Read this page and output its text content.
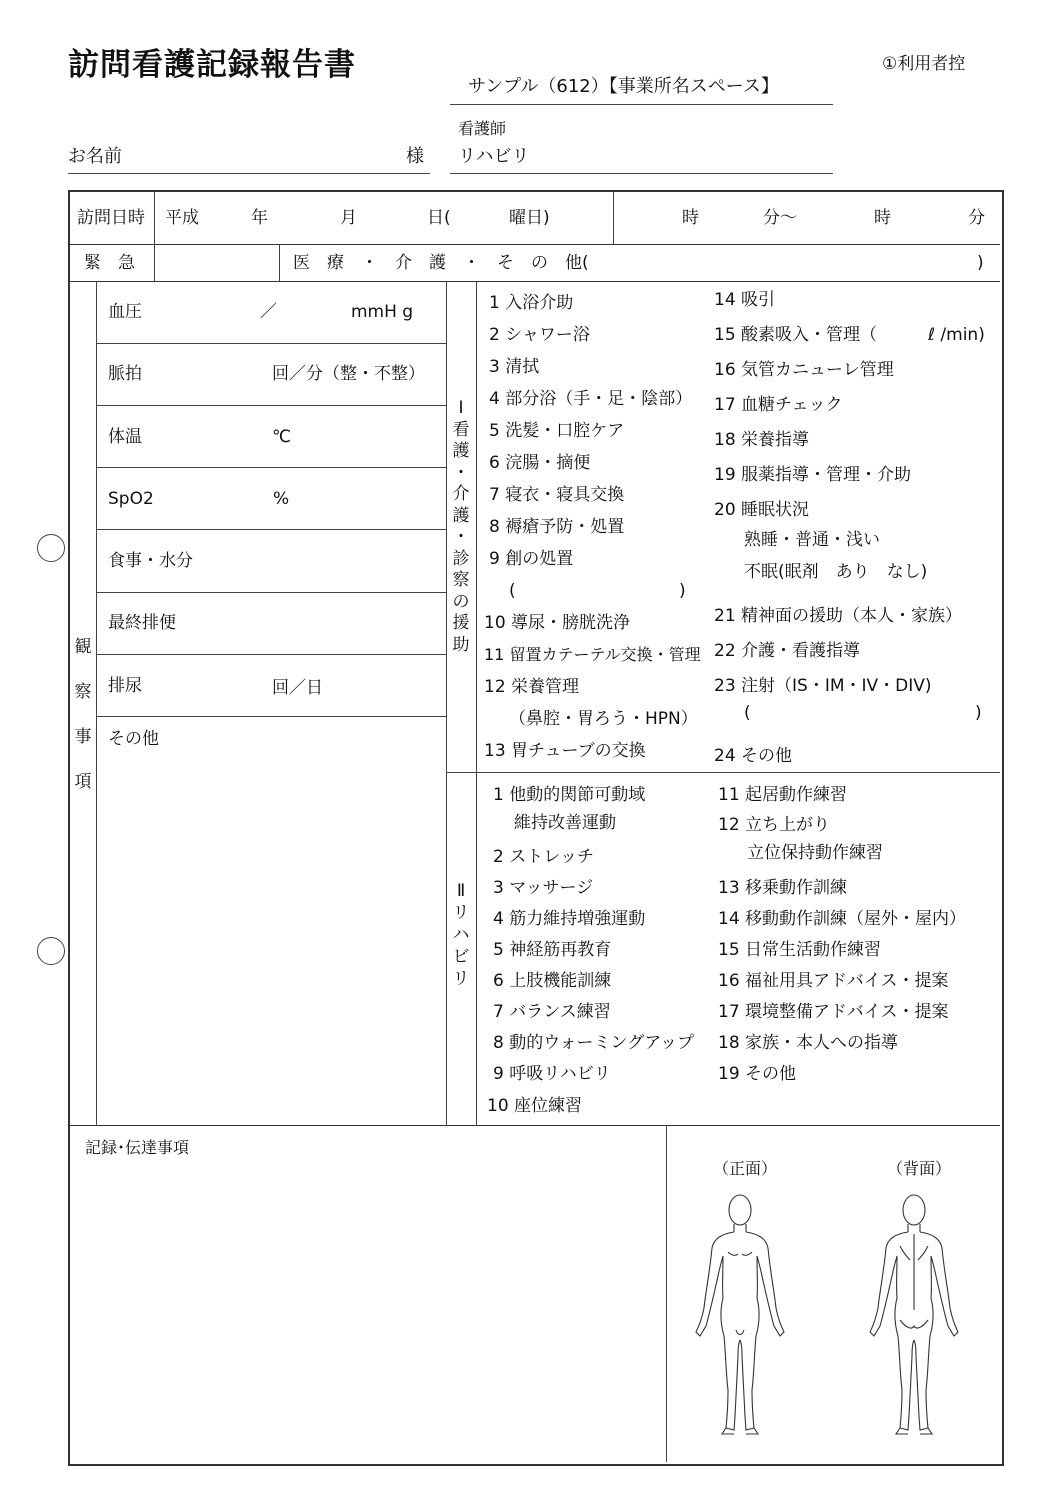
訪問看護記録報告書	①利用者控
サンプル（612）【事業所名スペース】
お名前	様
看護師
リハビリ
訪問日時 平成	年	月	日(	曜日)	時	分～	時	分
緊　急	医　療　・　介　護　・　そ　の　他(	)
観
察
事
項
血圧	／	mmH g
脈拍	回／分（整・不整）
体温	℃
SpO2	%
食事・水分
最終排便
排尿	回／日
その他
Ⅰ
看
護
・
介
護
・
診
察
の
援
助
1 入浴介助
2 シャワー浴
3 清拭
4 部分浴（手・足・陰部）
5 洗髪・口腔ケア
6 浣腸・摘便
7 寝衣・寝具交換
8 褥瘡予防・処置
9 創の処置
(	)
10 導尿・膀胱洗浄
11 留置カテーテル交換・管理
12 栄養管理
（鼻腔・胃ろう・HPN）
13 胃チューブの交換
14 吸引
15 酸素吸入・管理（	ℓ /min)
16 気管カニューレ管理
17 血糖チェック
18 栄養指導
19 服薬指導・管理・介助
20 睡眠状況
熟睡・普通・浅い
不眠(眠剤　あり　なし)
21 精神面の援助（本人・家族）
22 介護・看護指導
23 注射（IS・IM・IV・DIV)
(	)
24 その他
Ⅱ
リ
ハ
ビ
リ
1 他動的関節可動域
維持改善運動
2 ストレッチ
3 マッサージ
4 筋力維持増強運動
5 神経筋再教育
6 上肢機能訓練
7 バランス練習
8 動的ウォーミングアップ
9 呼吸リハビリ
10 座位練習
11 起居動作練習
12 立ち上がり
立位保持動作練習
13 移乗動作訓練
14 移動動作訓練（屋外・屋内）
15 日常生活動作練習
16 福祉用具アドバイス・提案
17 環境整備アドバイス・提案
18 家族・本人への指導
19 その他
記録･伝達事項
（正面）	（背面）
